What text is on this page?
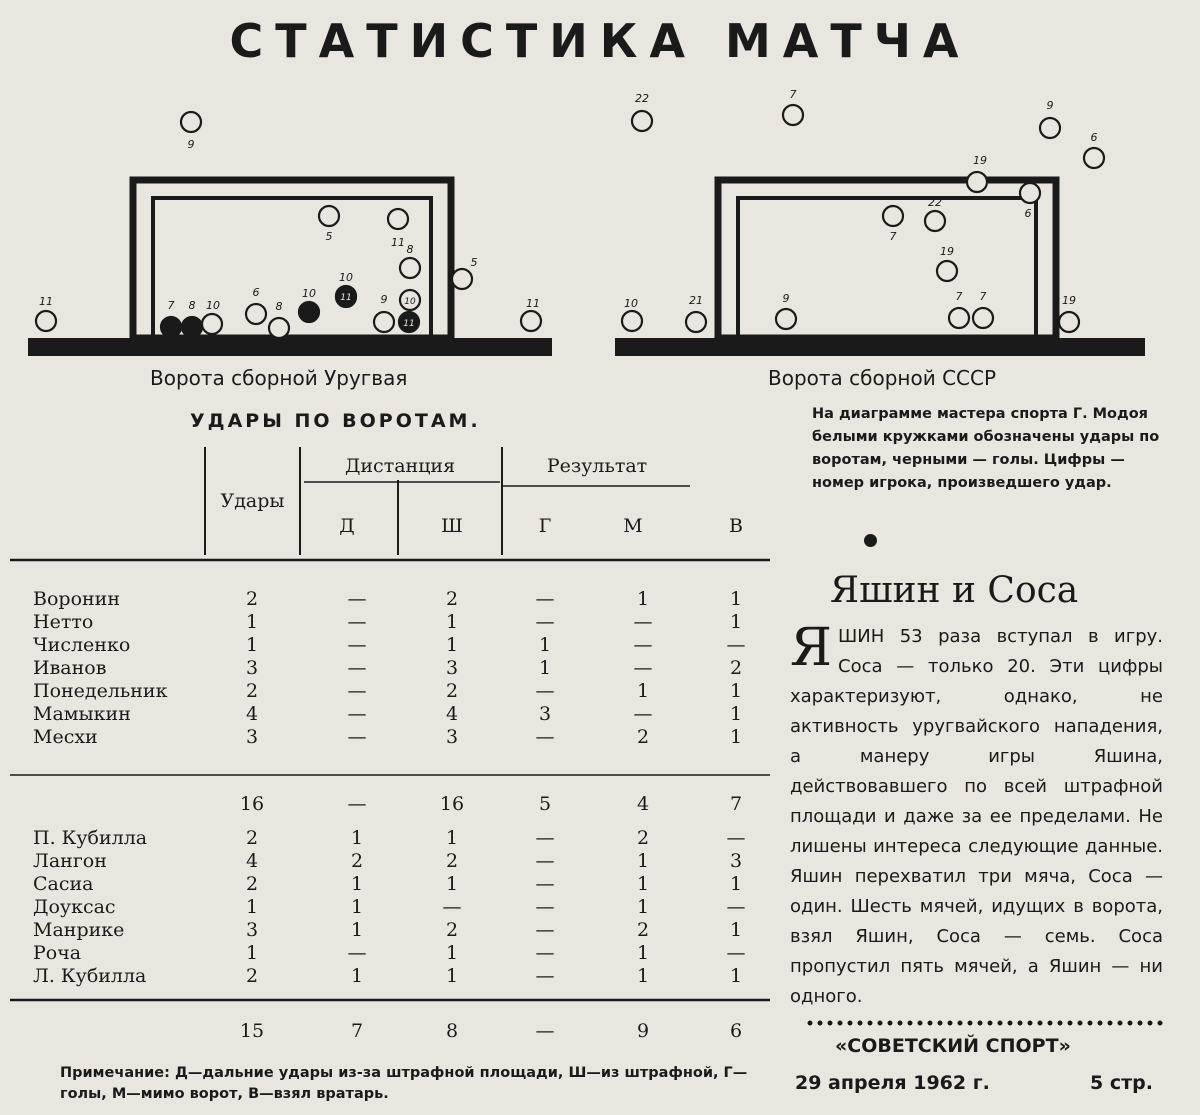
СТАТИСТИКА МАТЧА
9
5	11
10
8
5
11	7 8 10
6
8
10	11	9 10
11
11
22	7
9
6
19
6
22
7
19
10	21	9	7 7	19
Ворота сборной Уругвая	Ворота сборной СССР
УДАРЫ ПО ВОРОТАМ.
Удары
Дистанция	Результат
Д	Ш	Г	М	В
Воронин	2	—	2	—	1	1
Нетто	1	—	1	—	—	1
Численко	1	—	1	1	—	—
Иванов	3	—	3	1	—	2
Понедельник	2	—	2	—	1	1
Мамыкин	4	—	4	3	—	1
Месхи	3	—	3	—	2	1
16	—	16	5	4	7
П. Кубилла	2	1	1	—	2	—
Лангон	4	2	2	—	1	3
Сасиа	2	1	1	—	1	1
Доуксас	1	1	—	—	1	—
Манрике	3	1	2	—	2	1
Роча	1	—	1	—	1	—
Л. Кубилла	2	1	1	—	1	1
15	7	8	—	9	6
На диаграмме мастера спорта Г. Модоя белыми кружками обозначены удары по воротам, черными — голы. Цифры — номер игрока, произведшего удар.
Яшин и Соса
ЯШИН 53 раза вступал в игру. Соса — только 20. Эти цифры характеризуют, однако, не активность уругвайского нападения, а манеру игры Яшина, действовавшего по всей штрафной площади и даже за ее пределами. Не лишены интереса следующие данные. Яшин перехватил три мяча, Соса — один. Шесть мячей, идущих в ворота, взял Яшин, Соса — семь. Соса пропустил пять мячей, а Яшин — ни одного.
«СОВЕТСКИЙ СПОРТ»
29 апреля 1962 г.	5 стр.
Примечание: Д—дальние удары из-за штрафной площади, Ш—из штрафной, Г—голы, М—мимо ворот, В—взял вратарь.
